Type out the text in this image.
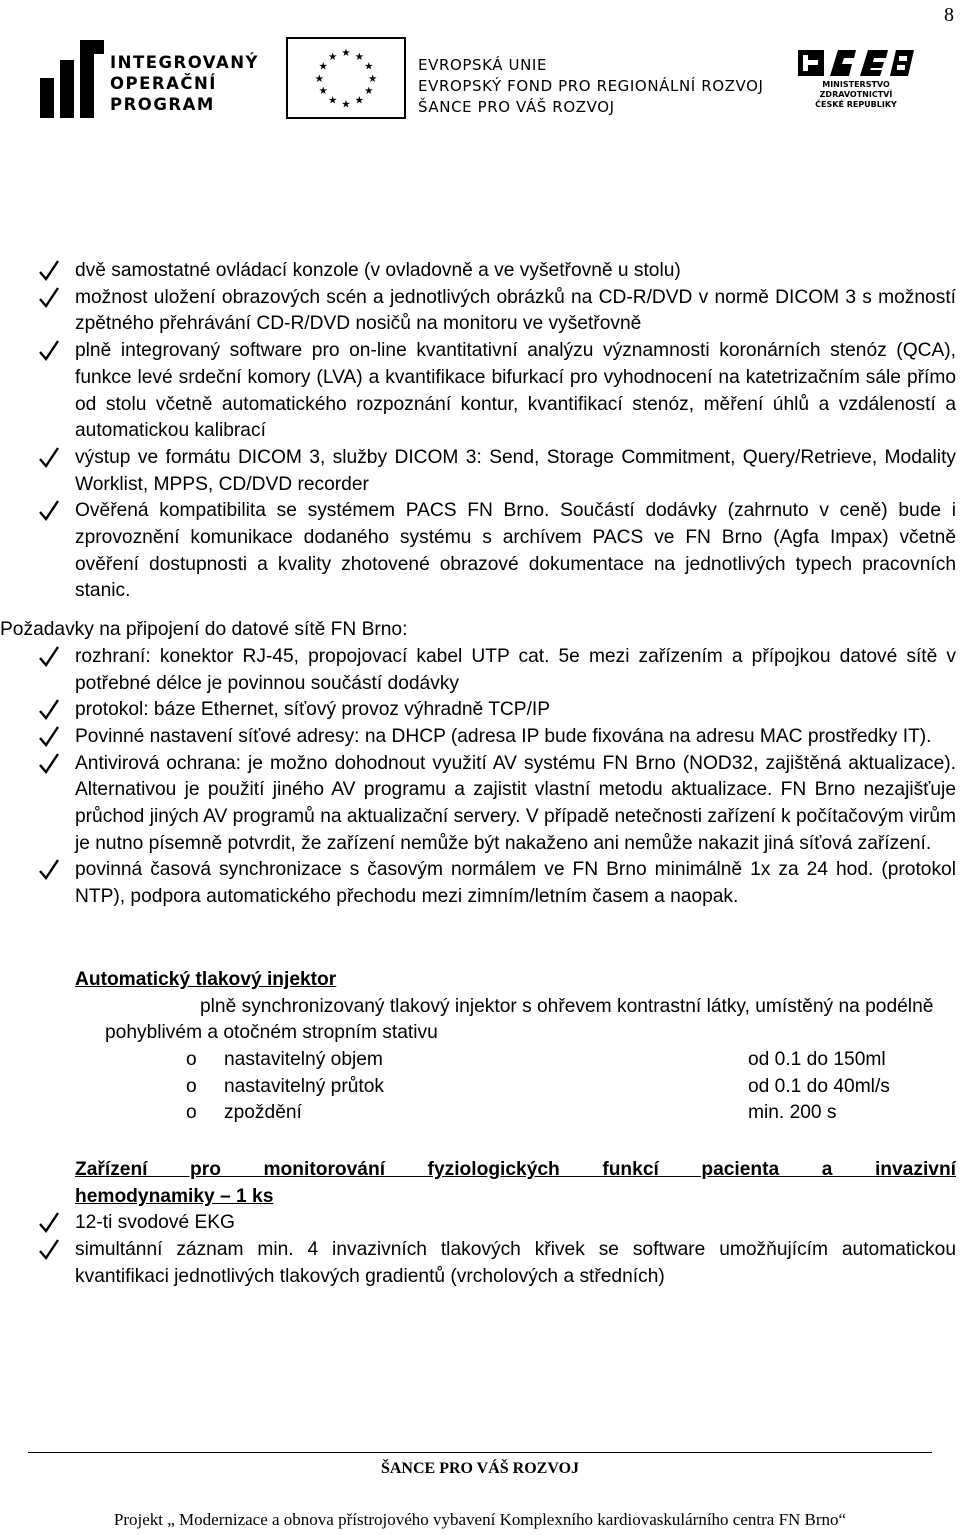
8
INTEGROVANÝ
OPERAČNÍ
PROGRAM
★ ★
★
★
★
★
★
★
★
★
★
★	EVROPSKÁ UNIE
EVROPSKÝ FOND PRO REGIONÁLNÍ ROZVOJ
ŠANCE PRO VÁŠ ROZVOJ
MINISTERSTVO ZDRAVOTNICTVÍ
ČESKÉ REPUBLIKY
dvě samostatné ovládací konzole (v ovladovně a ve vyšetřovně u stolu)
možnost uložení obrazových scén a jednotlivých obrázků na CD-R/DVD v normě DICOM 3 s možností zpětného přehrávání CD-R/DVD nosičů na monitoru ve vyšetřovně
plně integrovaný software pro on-line kvantitativní analýzu významnosti koronárních stenóz (QCA), funkce levé srdeční komory (LVA) a kvantifikace bifurkací pro vyhodnocení na katetrizačním sále přímo od stolu včetně automatického rozpoznání kontur, kvantifikací stenóz, měření úhlů a vzdáleností a automatickou kalibrací
výstup ve formátu DICOM 3, služby DICOM 3: Send, Storage Commitment, Query/Retrieve, Modality Worklist, MPPS, CD/DVD recorder
Ověřená kompatibilita se systémem PACS FN Brno. Součástí dodávky (zahrnuto v ceně) bude i zprovoznění komunikace dodaného systému s archívem PACS ve FN Brno (Agfa Impax) včetně ověření dostupnosti a kvality zhotovené obrazové dokumentace na jednotlivých typech pracovních stanic.
Požadavky na připojení do datové sítě FN Brno:
rozhraní: konektor RJ-45, propojovací kabel UTP cat. 5e mezi zařízením a přípojkou datové sítě v potřebné délce je povinnou součástí dodávky
protokol: báze Ethernet, síťový provoz výhradně TCP/IP
Povinné nastavení síťové adresy: na DHCP (adresa IP bude fixována na adresu MAC prostředky IT).
Antivirová ochrana: je možno dohodnout využití AV systému FN Brno (NOD32, zajištěná aktualizace). Alternativou je použití jiného AV programu a zajistit vlastní metodu aktualizace. FN Brno nezajišťuje průchod jiných AV programů na aktualizační servery. V případě netečnosti zařízení k počítačovým virům je nutno písemně potvrdit, že zařízení nemůže být nakaženo ani nemůže nakazit jiná síťová zařízení.
povinná časová synchronizace s časovým normálem ve FN Brno minimálně 1x za 24 hod. (protokol NTP), podpora automatického přechodu mezi zimním/letním časem a naopak.
Automatický tlakový injektor
plně synchronizovaný tlakový injektor s ohřevem kontrastní látky, umístěný na podélně pohyblivém a otočném stropním stativu
o nastavitelný objem	od 0.1 do 150ml
o nastavitelný průtok	od 0.1 do 40ml/s
o zpoždění	min. 200 s
Zařízení pro monitorování fyziologických funkcí pacienta a invazivní
hemodynamiky – 1 ks
12-ti svodové EKG
simultánní záznam min. 4 invazivních tlakových křivek se software umožňujícím automatickou kvantifikaci jednotlivých tlakových gradientů (vrcholových a středních)
ŠANCE PRO VÁŠ ROZVOJ
Projekt „ Modernizace a obnova přístrojového vybavení Komplexního kardiovaskulárního centra FN Brno“
